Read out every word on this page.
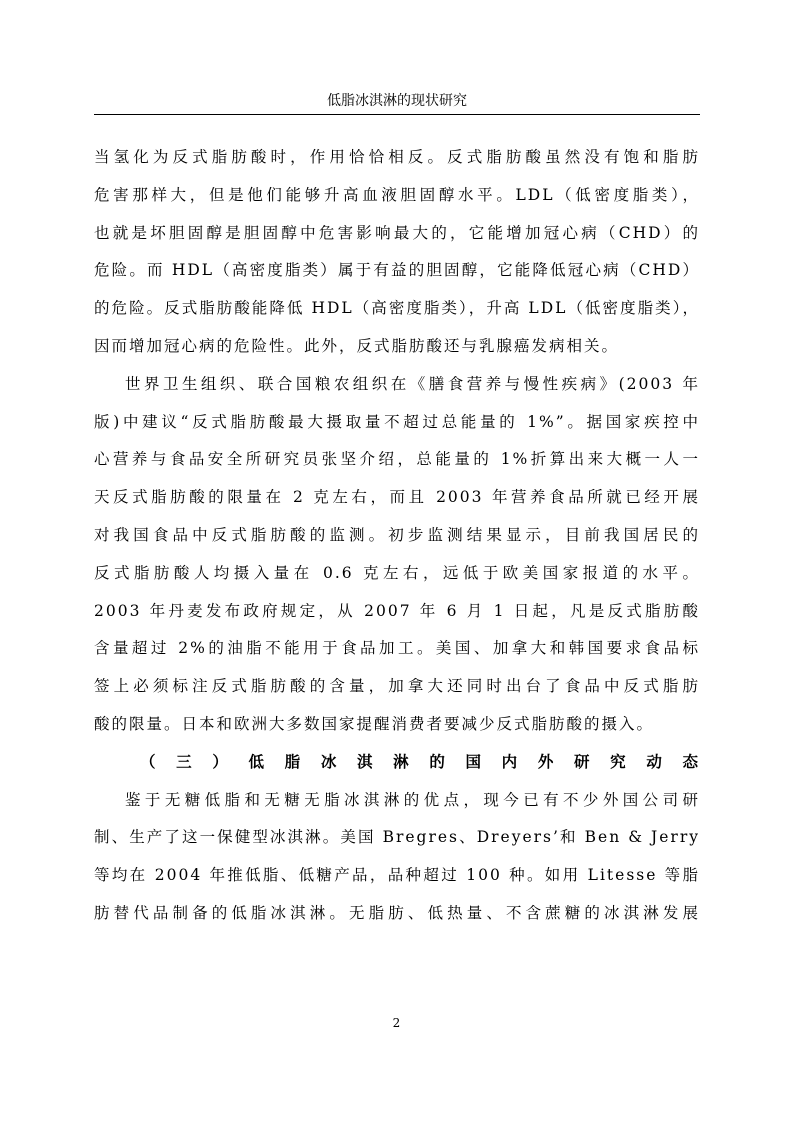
低脂冰淇淋的现状研究

当氢化为反式脂肪酸时，作用恰恰相反。反式脂肪酸虽然没有饱和脂肪

危害那样大，但是他们能够升高血液胆固醇水平。LDL（低密度脂类），

也就是坏胆固醇是胆固醇中危害影响最大的，它能增加冠心病（CHD）的

危险。而 HDL（高密度脂类）属于有益的胆固醇，它能降低冠心病（CHD）

的危险。反式脂肪酸能降低 HDL（高密度脂类），升高 LDL（低密度脂类），

因而增加冠心病的危险性。此外，反式脂肪酸还与乳腺癌发病相关。

世界卫生组织、联合国粮农组织在《膳食营养与慢性疾病》(2003 年

版)中建议“反式脂肪酸最大摄取量不超过总能量的 1%”。据国家疾控中

心营养与食品安全所研究员张坚介绍，总能量的 1%折算出来大概一人一

天反式脂肪酸的限量在 2 克左右，而且 2003 年营养食品所就已经开展

对我国食品中反式脂肪酸的监测。初步监测结果显示，目前我国居民的

反式脂肪酸人均摄入量在 0.6 克左右，远低于欧美国家报道的水平。

2003 年丹麦发布政府规定，从 2007 年 6 月 1 日起，凡是反式脂肪酸

含量超过 2%的油脂不能用于食品加工。美国、加拿大和韩国要求食品标

签上必须标注反式脂肪酸的含量，加拿大还同时出台了食品中反式脂肪

酸的限量。日本和欧洲大多数国家提醒消费者要减少反式脂肪酸的摄入。

（三）低脂冰淇淋的国内外研究动态

鉴于无糖低脂和无糖无脂冰淇淋的优点，现今已有不少外国公司研

制、生产了这一保健型冰淇淋。美国 Bregres、Dreyers’和 Ben & Jerry

等均在 2004 年推低脂、低糖产品，品种超过 100 种。如用 Litesse 等脂

肪替代品制备的低脂冰淇淋。无脂肪、低热量、不含蔗糖的冰淇淋发展

2
